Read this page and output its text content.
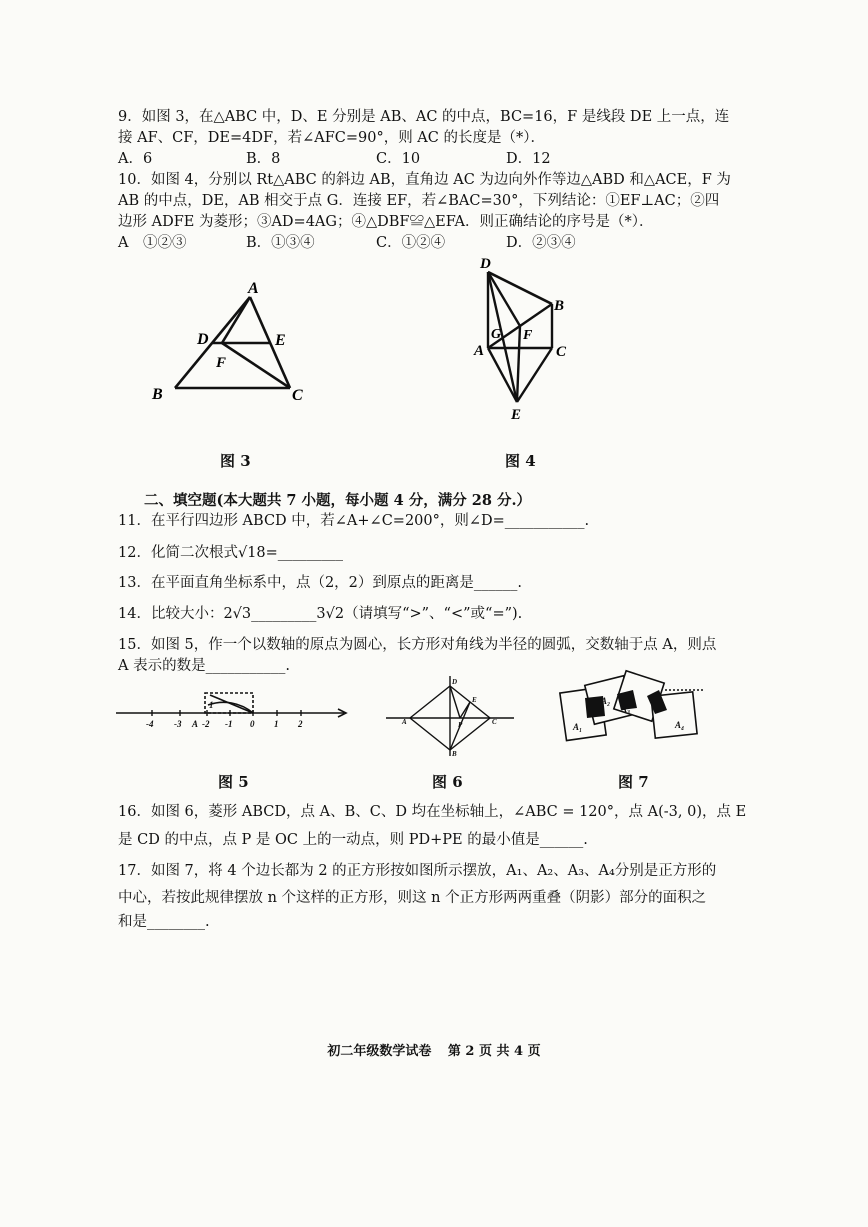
9．如图 3，在△ABC 中，D、E 分别是 AB、AC 的中点，BC=16，F 是线段 DE 上一点，连
接 AF、CF，DE=4DF，若∠AFC=90°，则 AC 的长度是（*）．
A．6	B．8	C．10	D．12
10．如图 4，分别以 Rt△ABC 的斜边 AB，直角边 AC 为边向外作等边△ABD 和△ACE，F 为
AB 的中点，DE，AB 相交于点 G．连接 EF，若∠BAC=30°，下列结论：①EF⊥AC；②四
边形 ADFE 为菱形；③AD=4AG；④△DBF≌△EFA．则正确结论的序号是（*）．
A　①②③	B．①③④	C．①②④	D．②③④
A
B	C
D	E
F
图 3
D
B
A	C
E
G F
图 4
二、填空题(本大题共 7 小题，每小题 4 分，满分 28 分.）
11．在平行四边形 ABCD 中，若∠A+∠C=200°，则∠D=___________.
12．化简二次根式√18=_________
13．在平面直角坐标系中，点（2，2）到原点的距离是______.
14．比较大小：2√3_________3√2（请填写“>”、“<”或“=”).
15．如图 5，作一个以数轴的原点为圆心，长方形对角线为半径的圆弧，交数轴于点 A，则点
A 表示的数是___________.
-4 -3 A -2 -1 0 1 2
1
图 5
A	C
D
B
E
P
图 6
A₁
A₂
A₃
A₄
图 7
16．如图 6，菱形 ABCD，点 A、B、C、D 均在坐标轴上，∠ABC = 120°，点 A(-3, 0)，点 E
是 CD 的中点，点 P 是 OC 上的一动点，则 PD+PE 的最小值是______.
17．如图 7，将 4 个边长都为 2 的正方形按如图所示摆放，A₁、A₂、A₃、A₄分别是正方形的
中心，若按此规律摆放 n 个这样的正方形，则这 n 个正方形两两重叠（阴影）部分的面积之
和是________.
初二年级数学试卷 第 2 页 共 4 页
